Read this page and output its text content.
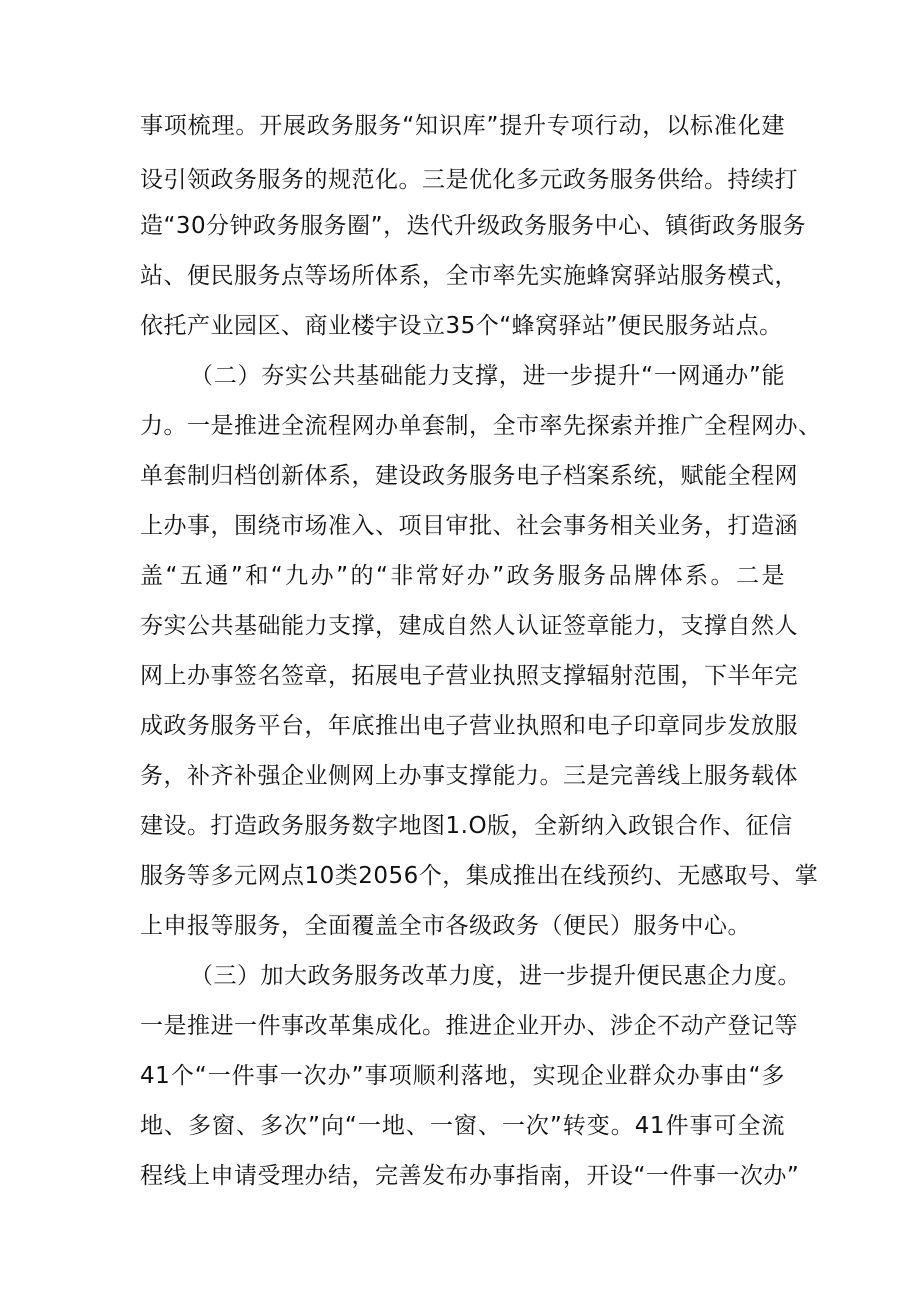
事项梳理。开展政务服务“知识库”提升专项行动，以标准化建
设引领政务服务的规范化。三是优化多元政务服务供给。持续打
造“30分钟政务服务圈”，迭代升级政务服务中心、镇街政务服务
站、便民服务点等场所体系，全市率先实施蜂窝驿站服务模式，
依托产业园区、商业楼宇设立35个“蜂窝驿站”便民服务站点。
（二）夯实公共基础能力支撑，进一步提升“一网通办”能
力。一是推进全流程网办单套制，全市率先探索并推广全程网办、
单套制归档创新体系，建设政务服务电子档案系统，赋能全程网
上办事，围绕市场准入、项目审批、社会事务相关业务，打造涵
盖“五通”和“九办”的“非常好办”政务服务品牌体系。二是
夯实公共基础能力支撑，建成自然人认证签章能力，支撑自然人
网上办事签名签章，拓展电子营业执照支撑辐射范围，下半年完
成政务服务平台，年底推出电子营业执照和电子印章同步发放服
务，补齐补强企业侧网上办事支撑能力。三是完善线上服务载体
建设。打造政务服务数字地图1.O版，全新纳入政银合作、征信
服务等多元网点10类2056个，集成推出在线预约、无感取号、掌
上申报等服务，全面覆盖全市各级政务（便民）服务中心。
（三）加大政务服务改革力度，进一步提升便民惠企力度。
一是推进一件事改革集成化。推进企业开办、涉企不动产登记等
41个“一件事一次办”事项顺利落地，实现企业群众办事由“多
地、多窗、多次”向“一地、一窗、一次”转变。41件事可全流
程线上申请受理办结，完善发布办事指南，开设“一件事一次办”
